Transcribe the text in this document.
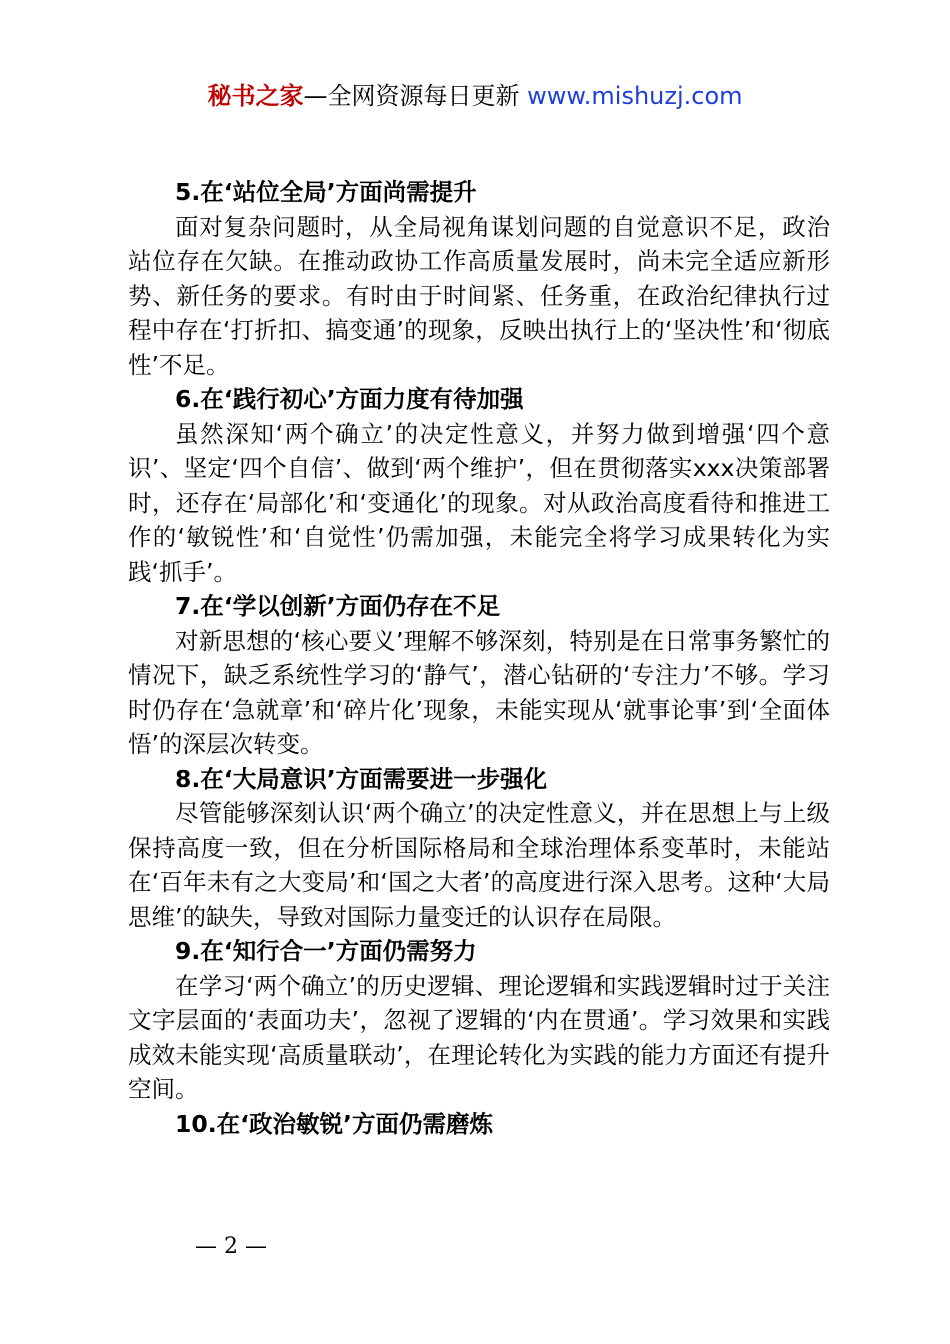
秘书之家—全网资源每日更新 www.mishuzj.com
5.在‘站位全局’方面尚需提升

面对复杂问题时，从全局视角谋划问题的自觉意识不足，政治站位存在欠缺。在推动政协工作高质量发展时，尚未完全适应新形势、新任务的要求。有时由于时间紧、任务重，在政治纪律执行过程中存在‘打折扣、搞变通’的现象，反映出执行上的‘坚决性’和‘彻底性’不足。

6.在‘践行初心’方面力度有待加强

虽然深知‘两个确立’的决定性意义，并努力做到增强‘四个意识’、坚定‘四个自信’、做到‘两个维护’，但在贯彻落实xxx决策部署时，还存在‘局部化’和‘变通化’的现象。对从政治高度看待和推进工作的‘敏锐性’和‘自觉性’仍需加强，未能完全将学习成果转化为实践‘抓手’。

7.在‘学以创新’方面仍存在不足

对新思想的‘核心要义’理解不够深刻，特别是在日常事务繁忙的情况下，缺乏系统性学习的‘静气’，潜心钻研的‘专注力’不够。学习时仍存在‘急就章’和‘碎片化’现象，未能实现从‘就事论事’到‘全面体悟’的深层次转变。

8.在‘大局意识’方面需要进一步强化

尽管能够深刻认识‘两个确立’的决定性意义，并在思想上与上级保持高度一致，但在分析国际格局和全球治理体系变革时，未能站在‘百年未有之大变局’和‘国之大者’的高度进行深入思考。这种‘大局思维’的缺失，导致对国际力量变迁的认识存在局限。

9.在‘知行合一’方面仍需努力

在学习‘两个确立’的历史逻辑、理论逻辑和实践逻辑时过于关注文字层面的‘表面功夫’，忽视了逻辑的‘内在贯通’。学习效果和实践成效未能实现‘高质量联动’，在理论转化为实践的能力方面还有提升空间。

10.在‘政治敏锐’方面仍需磨炼
— 2 —
